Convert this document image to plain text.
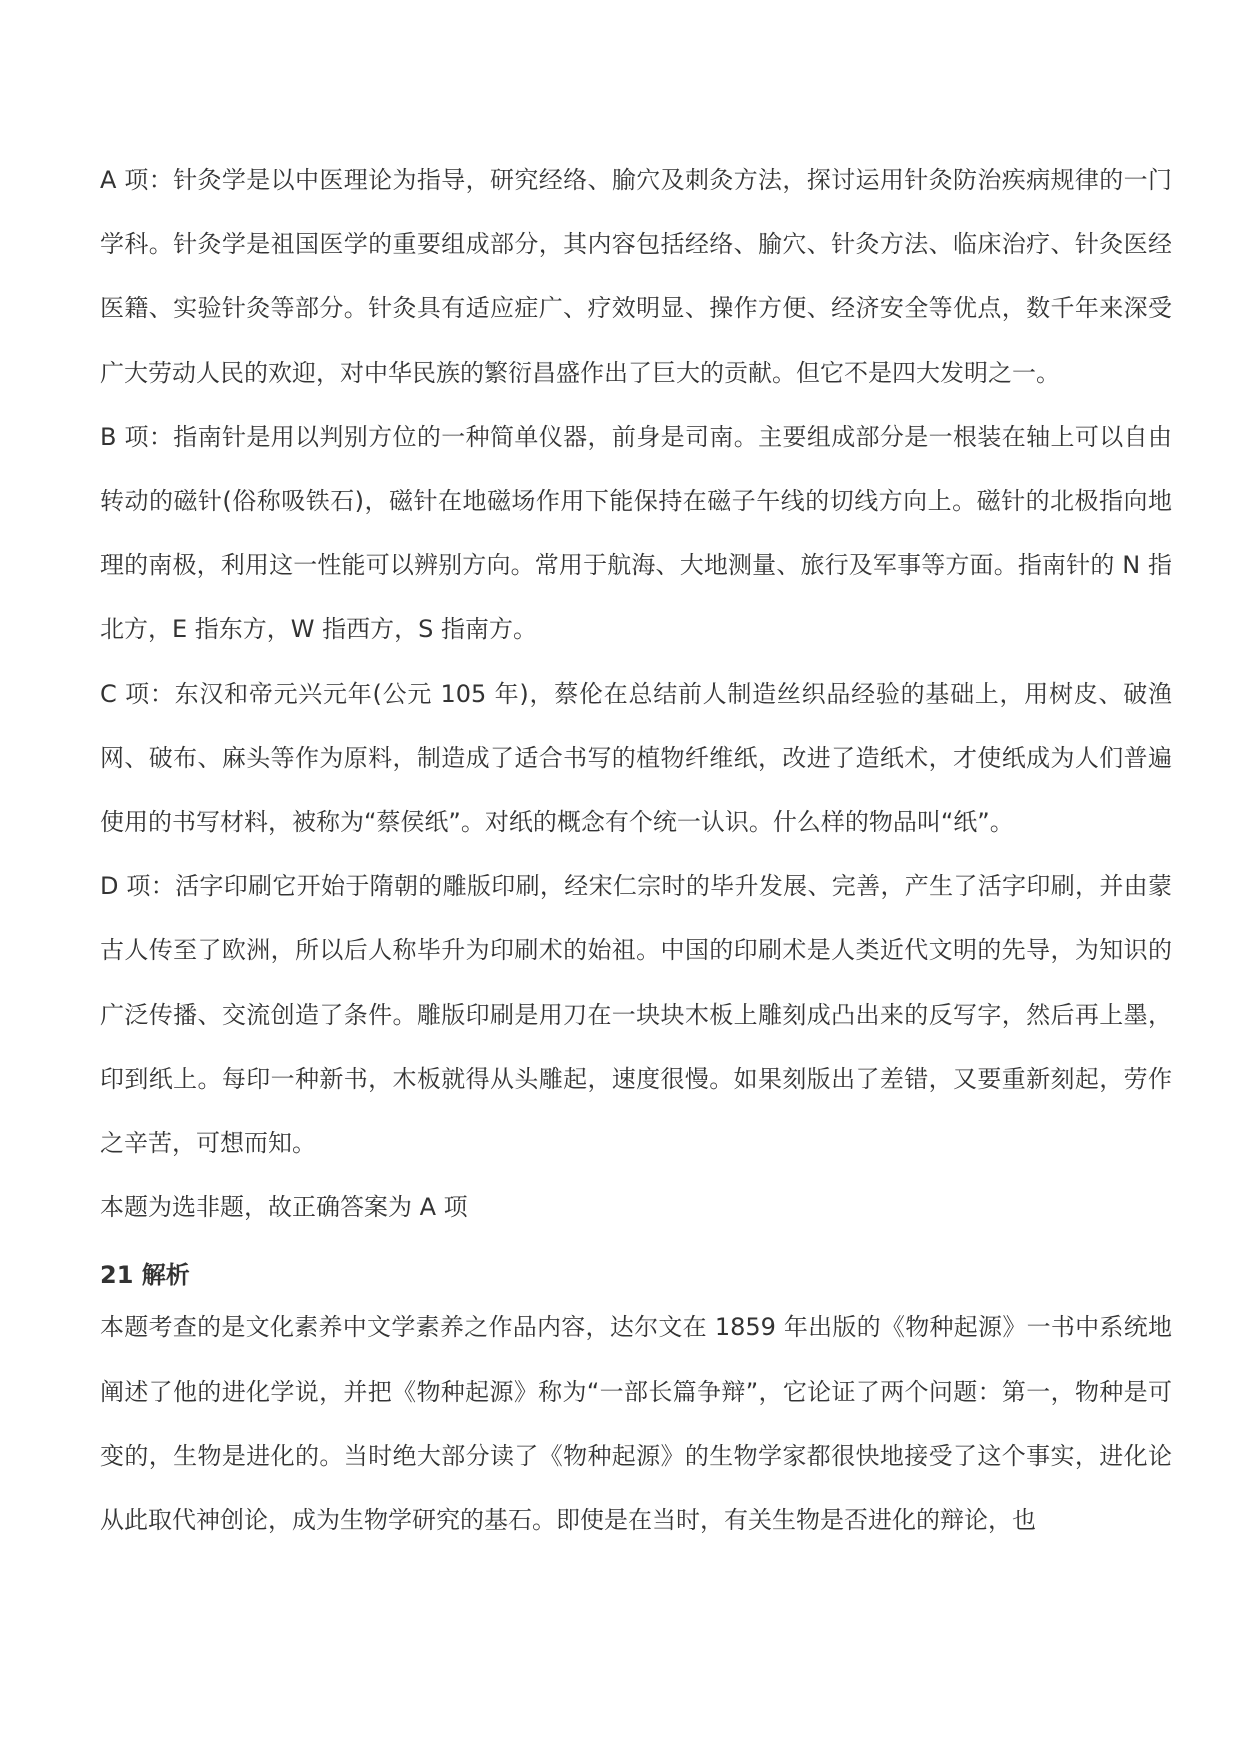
A 项：针灸学是以中医理论为指导，研究经络、腧穴及刺灸方法，探讨运用针灸防治疾病规律的一门学科。针灸学是祖国医学的重要组成部分，其内容包括经络、腧穴、针灸方法、临床治疗、针灸医经医籍、实验针灸等部分。针灸具有适应症广、疗效明显、操作方便、经济安全等优点，数千年来深受广大劳动人民的欢迎，对中华民族的繁衍昌盛作出了巨大的贡献。但它不是四大发明之一。

B 项：指南针是用以判别方位的一种简单仪器，前身是司南。主要组成部分是一根装在轴上可以自由转动的磁针(俗称吸铁石)，磁针在地磁场作用下能保持在磁子午线的切线方向上。磁针的北极指向地理的南极，利用这一性能可以辨别方向。常用于航海、大地测量、旅行及军事等方面。指南针的 N 指北方，E 指东方，W 指西方，S 指南方。

C 项：东汉和帝元兴元年(公元 105 年)，蔡伦在总结前人制造丝织品经验的基础上，用树皮、破渔网、破布、麻头等作为原料，制造成了适合书写的植物纤维纸，改进了造纸术，才使纸成为人们普遍使用的书写材料，被称为“蔡侯纸”。对纸的概念有个统一认识。什么样的物品叫“纸”。

D 项：活字印刷它开始于隋朝的雕版印刷，经宋仁宗时的毕升发展、完善，产生了活字印刷，并由蒙古人传至了欧洲，所以后人称毕升为印刷术的始祖。中国的印刷术是人类近代文明的先导，为知识的广泛传播、交流创造了条件。雕版印刷是用刀在一块块木板上雕刻成凸出来的反写字，然后再上墨，印到纸上。每印一种新书，木板就得从头雕起，速度很慢。如果刻版出了差错，又要重新刻起，劳作之辛苦，可想而知。

本题为选非题，故正确答案为 A 项

21 解析

本题考查的是文化素养中文学素养之作品内容，达尔文在 1859 年出版的《物种起源》一书中系统地阐述了他的进化学说，并把《物种起源》称为“一部长篇争辩”，它论证了两个问题：第一，物种是可变的，生物是进化的。当时绝大部分读了《物种起源》的生物学家都很快地接受了这个事实，进化论从此取代神创论，成为生物学研究的基石。即使是在当时，有关生物是否进化的辩论，也
